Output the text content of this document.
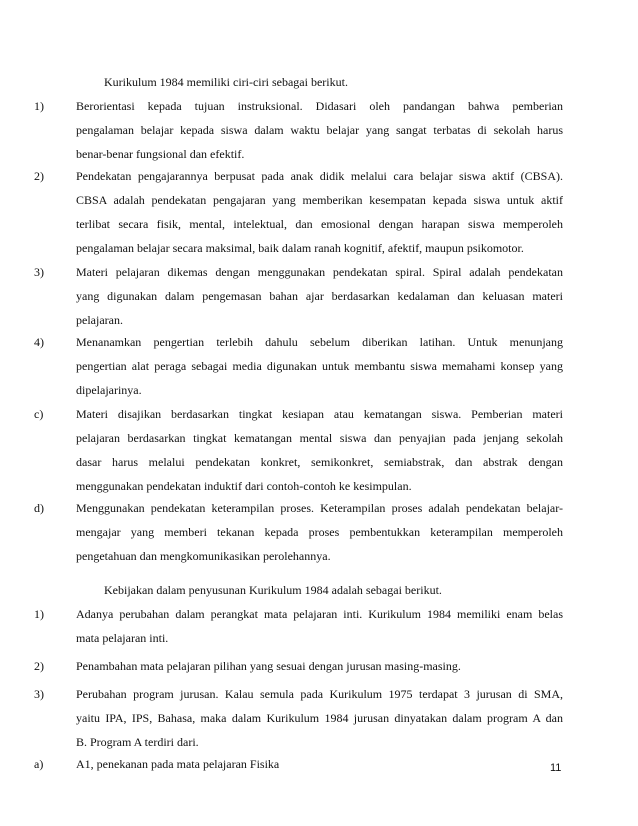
Kurikulum 1984 memiliki ciri-ciri sebagai berikut.
1)	Berorientasi kepada tujuan instruksional. Didasari oleh pandangan bahwa pemberian
pengalaman belajar kepada siswa dalam waktu belajar yang sangat terbatas di sekolah harus
benar-benar fungsional dan efektif.
2)	Pendekatan pengajarannya berpusat pada anak didik melalui cara belajar siswa aktif (CBSA).
CBSA adalah pendekatan pengajaran yang memberikan kesempatan kepada siswa untuk aktif
terlibat secara fisik, mental, intelektual, dan emosional dengan harapan siswa memperoleh
pengalaman belajar secara maksimal, baik dalam ranah kognitif, afektif, maupun psikomotor.
3)	Materi pelajaran dikemas dengan menggunakan pendekatan spiral. Spiral adalah pendekatan
yang digunakan dalam pengemasan bahan ajar berdasarkan kedalaman dan keluasan materi
pelajaran.
4)	Menanamkan pengertian terlebih dahulu sebelum diberikan latihan. Untuk menunjang
pengertian alat peraga sebagai media digunakan untuk membantu siswa memahami konsep yang
dipelajarinya.
c)	Materi disajikan berdasarkan tingkat kesiapan atau kematangan siswa. Pemberian materi
pelajaran berdasarkan tingkat kematangan mental siswa dan penyajian pada jenjang sekolah
dasar harus melalui pendekatan konkret, semikonkret, semiabstrak, dan abstrak dengan
menggunakan pendekatan induktif dari contoh-contoh ke kesimpulan.
d)	Menggunakan pendekatan keterampilan proses. Keterampilan proses adalah pendekatan belajar-
mengajar yang memberi tekanan kepada proses pembentukkan keterampilan memperoleh
pengetahuan dan mengkomunikasikan perolehannya.
Kebijakan dalam penyusunan Kurikulum 1984 adalah sebagai berikut.
1)	Adanya perubahan dalam perangkat mata pelajaran inti. Kurikulum 1984 memiliki enam belas
mata pelajaran inti.
2)	Penambahan mata pelajaran pilihan yang sesuai dengan jurusan masing-masing.
3)	Perubahan program jurusan. Kalau semula pada Kurikulum 1975 terdapat 3 jurusan di SMA,
yaitu IPA, IPS, Bahasa, maka dalam Kurikulum 1984 jurusan dinyatakan dalam program A dan
B. Program A terdiri dari.
a)	A1, penekanan pada mata pelajaran Fisika	11
